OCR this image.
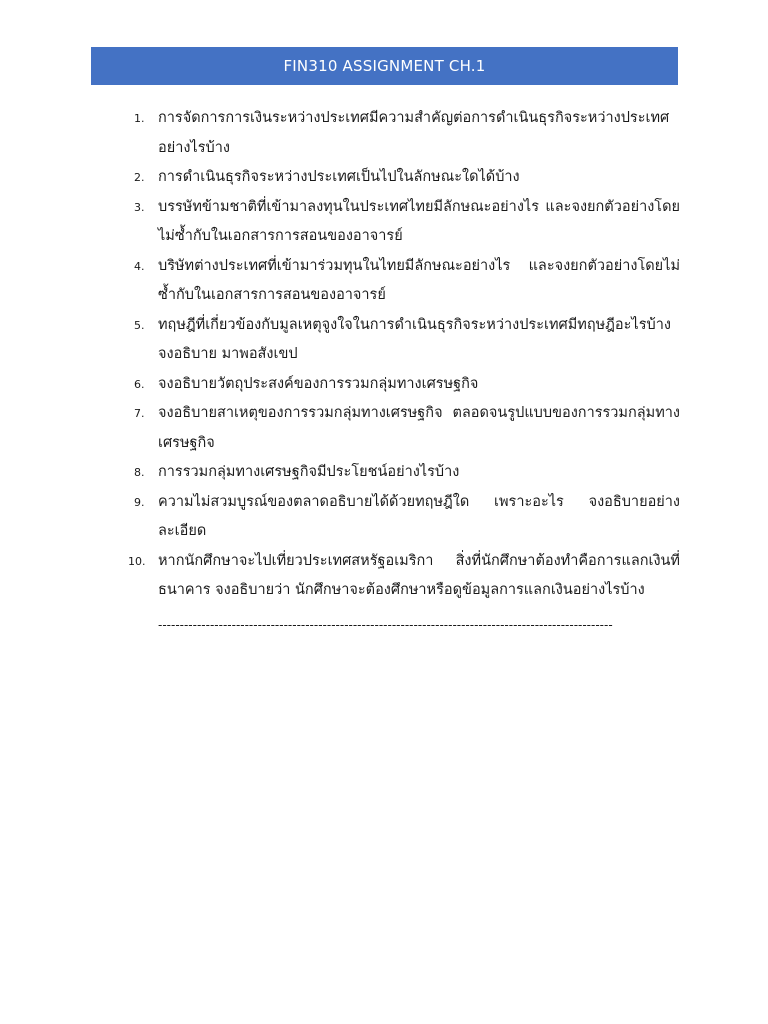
FIN310 ASSIGNMENT CH.1
1. การจัดการการเงินระหว่างประเทศมีความสำคัญต่อการดำเนินธุรกิจระหว่างประเทศอย่างไรบ้าง
2. การดำเนินธุรกิจระหว่างประเทศเป็นไปในลักษณะใดได้บ้าง
3. บรรษัทข้ามชาติที่เข้ามาลงทุนในประเทศไทยมีลักษณะอย่างไร และจงยกตัวอย่างโดยไม่ซ้ำกับในเอกสารการสอนของอาจารย์
4. บริษัทต่างประเทศที่เข้ามาร่วมทุนในไทยมีลักษณะอย่างไร และจงยกตัวอย่างโดยไม่ซ้ำกับในเอกสารการสอนของอาจารย์
5. ทฤษฎีที่เกี่ยวข้องกับมูลเหตุจูงใจในการดำเนินธุรกิจระหว่างประเทศมีทฤษฎีอะไรบ้างจงอธิบาย มาพอสังเขป
6. จงอธิบายวัตถุประสงค์ของการรวมกลุ่มทางเศรษฐกิจ
7. จงอธิบายสาเหตุของการรวมกลุ่มทางเศรษฐกิจ ตลอดจนรูปแบบของการรวมกลุ่มทางเศรษฐกิจ
8. การรวมกลุ่มทางเศรษฐกิจมีประโยชน์อย่างไรบ้าง
9. ความไม่สวมบูรณ์ของตลาดอธิบายได้ด้วยทฤษฎีใด เพราะอะไร จงอธิบายอย่างละเอียด
10. หากนักศึกษาจะไปเที่ยวประเทศสหรัฐอเมริกา สิ่งที่นักศึกษาต้องทำคือการแลกเงินที่ธนาคาร จงอธิบายว่า นักศึกษาจะต้องศึกษาหรือดูข้อมูลการแลกเงินอย่างไรบ้าง
---------------------------------------------------------------------------------------------------------
